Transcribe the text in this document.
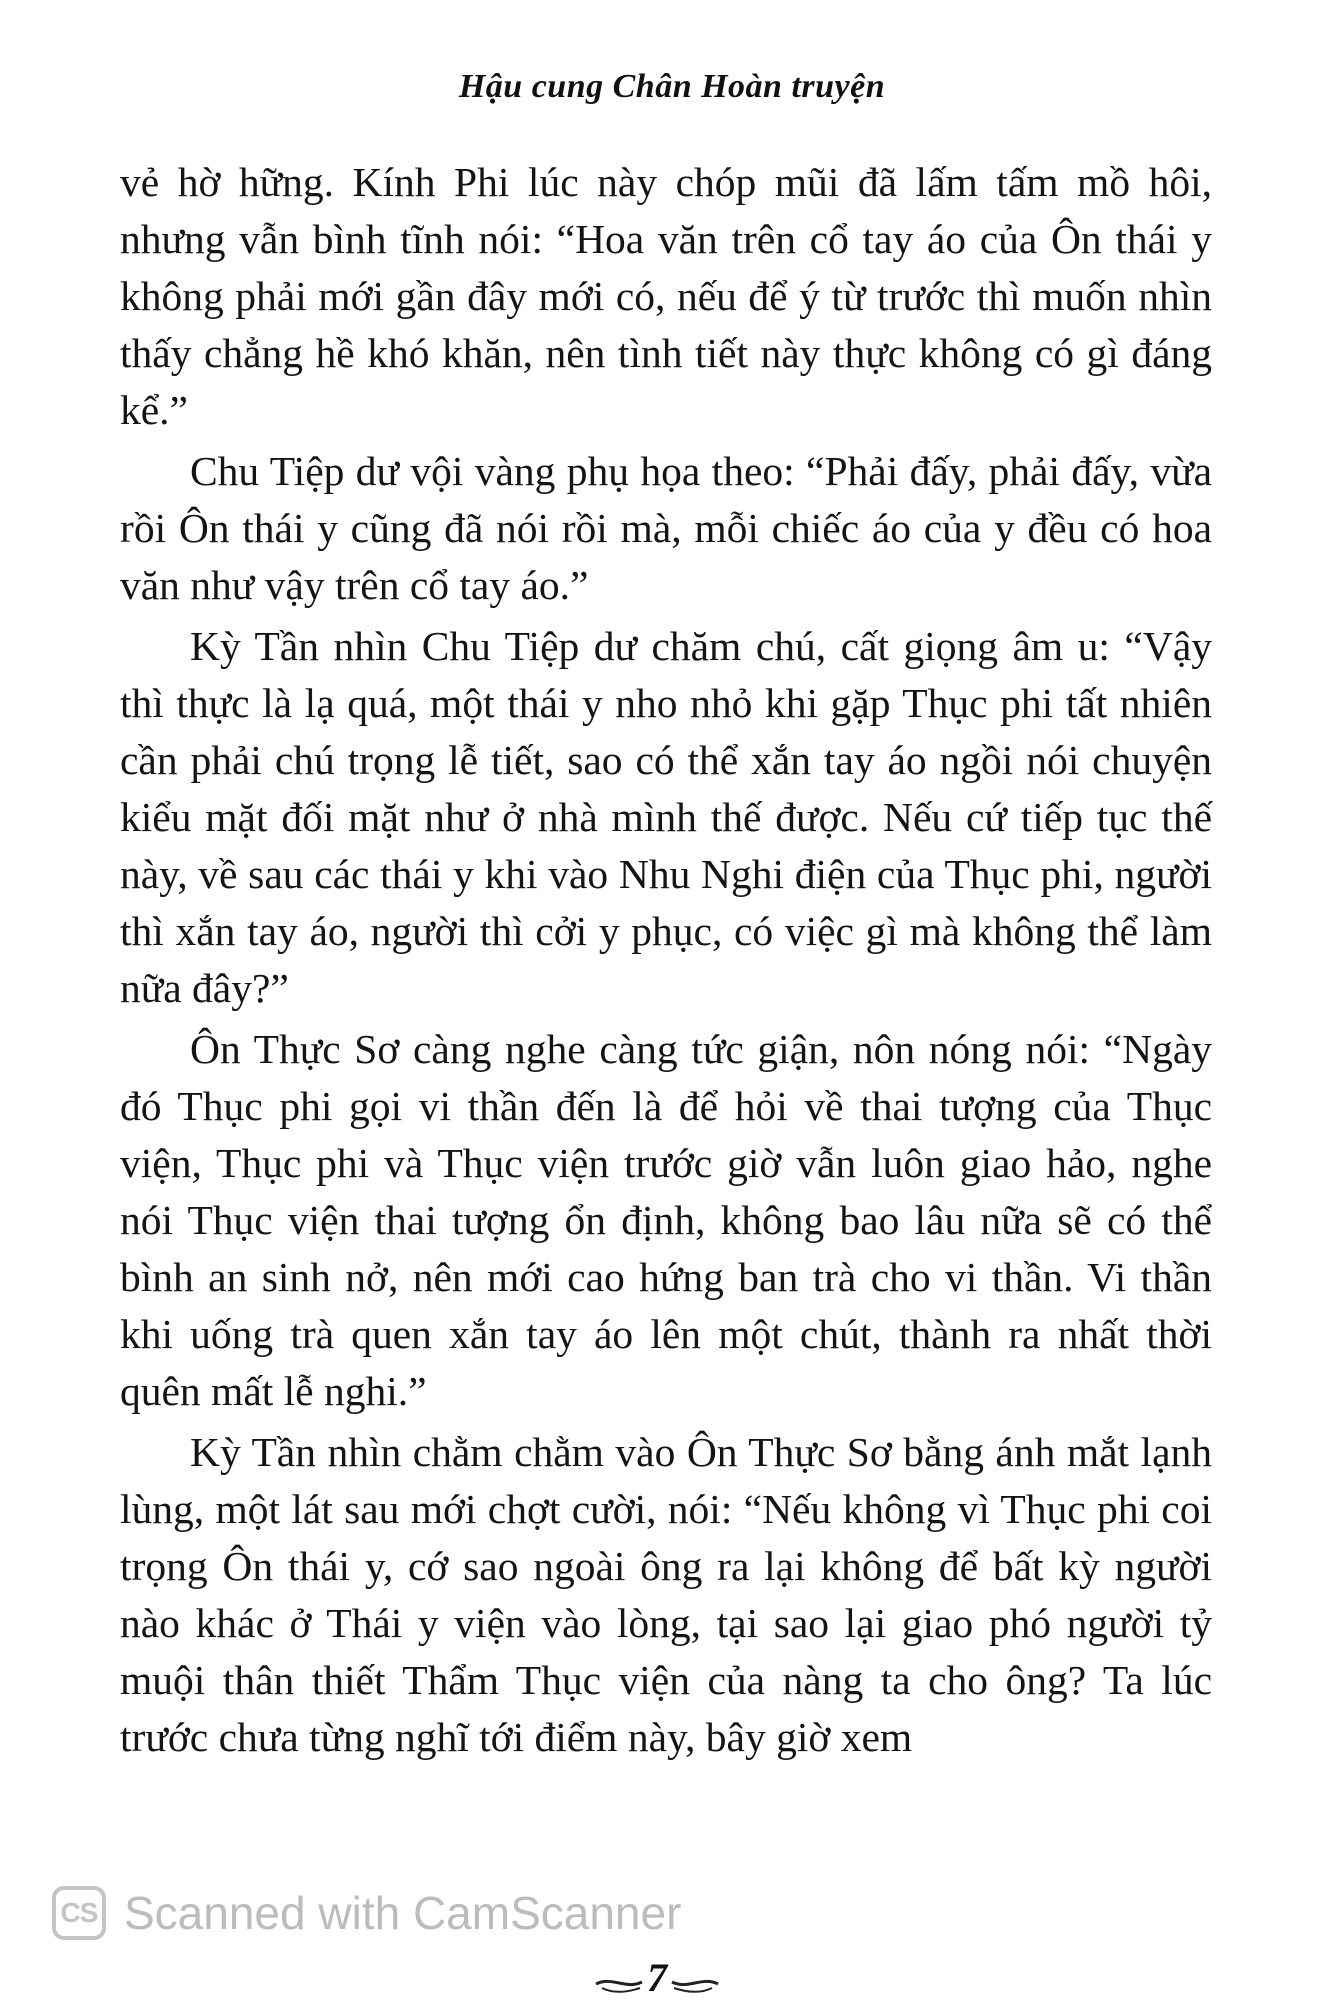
Hậu cung Chân Hoàn truyện

vẻ hờ hững. Kính Phi lúc này chóp mũi đã lấm tấm mồ hôi, nhưng vẫn bình tĩnh nói: “Hoa văn trên cổ tay áo của Ôn thái y không phải mới gần đây mới có, nếu để ý từ trước thì muốn nhìn thấy chẳng hề khó khăn, nên tình tiết này thực không có gì đáng kể.”

Chu Tiệp dư vội vàng phụ họa theo: “Phải đấy, phải đấy, vừa rồi Ôn thái y cũng đã nói rồi mà, mỗi chiếc áo của y đều có hoa văn như vậy trên cổ tay áo.”

Kỳ Tần nhìn Chu Tiệp dư chăm chú, cất giọng âm u: “Vậy thì thực là lạ quá, một thái y nho nhỏ khi gặp Thục phi tất nhiên cần phải chú trọng lễ tiết, sao có thể xắn tay áo ngồi nói chuyện kiểu mặt đối mặt như ở nhà mình thế được. Nếu cứ tiếp tục thế này, về sau các thái y khi vào Nhu Nghi điện của Thục phi, người thì xắn tay áo, người thì cởi y phục, có việc gì mà không thể làm nữa đây?”

Ôn Thực Sơ càng nghe càng tức giận, nôn nóng nói: “Ngày đó Thục phi gọi vi thần đến là để hỏi về thai tượng của Thục viện, Thục phi và Thục viện trước giờ vẫn luôn giao hảo, nghe nói Thục viện thai tượng ổn định, không bao lâu nữa sẽ có thể bình an sinh nở, nên mới cao hứng ban trà cho vi thần. Vi thần khi uống trà quen xắn tay áo lên một chút, thành ra nhất thời quên mất lễ nghi.”

Kỳ Tần nhìn chằm chằm vào Ôn Thực Sơ bằng ánh mắt lạnh lùng, một lát sau mới chợt cười, nói: “Nếu không vì Thục phi coi trọng Ôn thái y, cớ sao ngoài ông ra lại không để bất kỳ người nào khác ở Thái y viện vào lòng, tại sao lại giao phó người tỷ muội thân thiết Thẩm Thục viện của nàng ta cho ông? Ta lúc trước chưa từng nghĩ tới điểm này, bây giờ xem

CS Scanned with CamScanner
7
